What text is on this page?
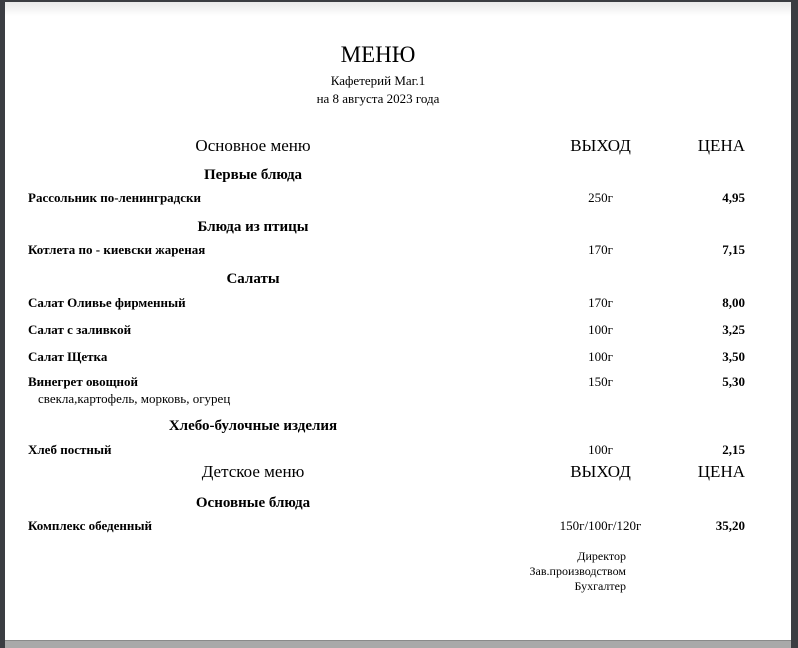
МЕНЮ
Кафетерий Маг.1
на 8 августа 2023 года
Основное меню	ВЫХОД	ЦЕНА
Первые блюда
Рассольник по-ленинградски	250г	4,95
Блюда из птицы
Котлета по - киевски жареная	170г	7,15
Салаты
Салат Оливье фирменный	170г	8,00
Салат с заливкой	100г	3,25
Салат Щетка	100г	3,50
Винегрет овощной	150г	5,30
свекла,картофель, морковь, огурец
Хлебо-булочные изделия
Хлеб постный	100г	2,15
Детское меню	ВЫХОД	ЦЕНА
Основные блюда
Комплекс обеденный	150г/100г/120г	35,20
Директор
Зав.производством
Бухгалтер
